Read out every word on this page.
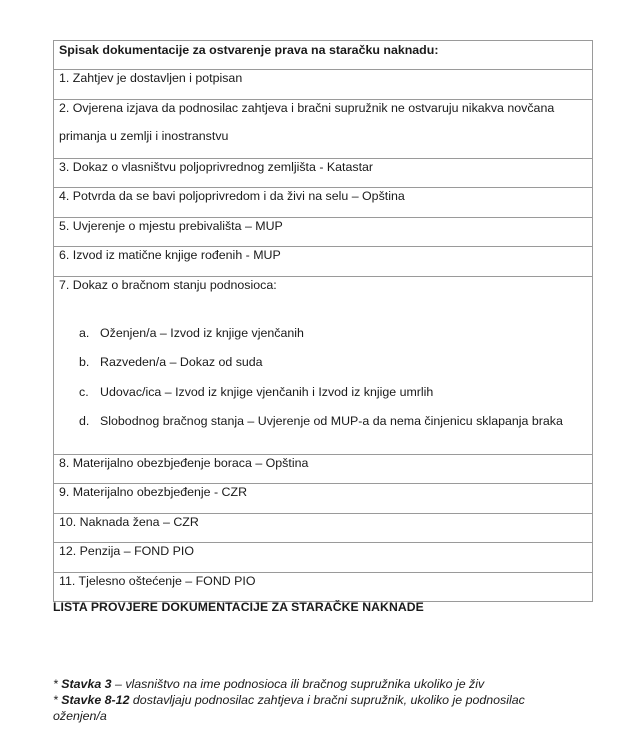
Spisak dokumentacije za ostvarenje prava na staračku naknadu:
1. Zahtjev je dostavljen i potpisan
2. Ovjerena izjava da podnosilac zahtjeva i bračni supružnik ne ostvaruju nikakva novčana
primanja u zemlji i inostranstvu
3. Dokaz o vlasništvu poljoprivrednog zemljišta - Katastar
4. Potvrda da se bavi poljoprivredom i da živi na selu – Opština
5. Uvjerenje o mjestu prebivališta – MUP
6. Izvod iz matične knjige rođenih - MUP
7. Dokaz o bračnom stanju podnosioca:
a. Oženjen/a – Izvod iz knjige vjenčanih
b. Razveden/a – Dokaz od suda
c. Udovac/ica – Izvod iz knjige vjenčanih i Izvod iz knjige umrlih
d. Slobodnog bračnog stanja – Uvjerenje od MUP-a da nema činjenicu sklapanja braka
8. Materijalno obezbjeđenje boraca – Opština
9. Materijalno obezbjeđenje - CZR
10. Naknada žena – CZR
12. Penzija – FOND PIO
11. Tjelesno oštećenje – FOND PIO
LISTA PROVJERE DOKUMENTACIJE ZA STARAČKE NAKNADE

* Stavka 3 – vlasništvo na ime podnosioca ili bračnog supružnika ukoliko je živ

* Stavke 8-12 dostavljaju podnosilac zahtjeva i bračni supružnik, ukoliko je podnosilac oženjen/a
